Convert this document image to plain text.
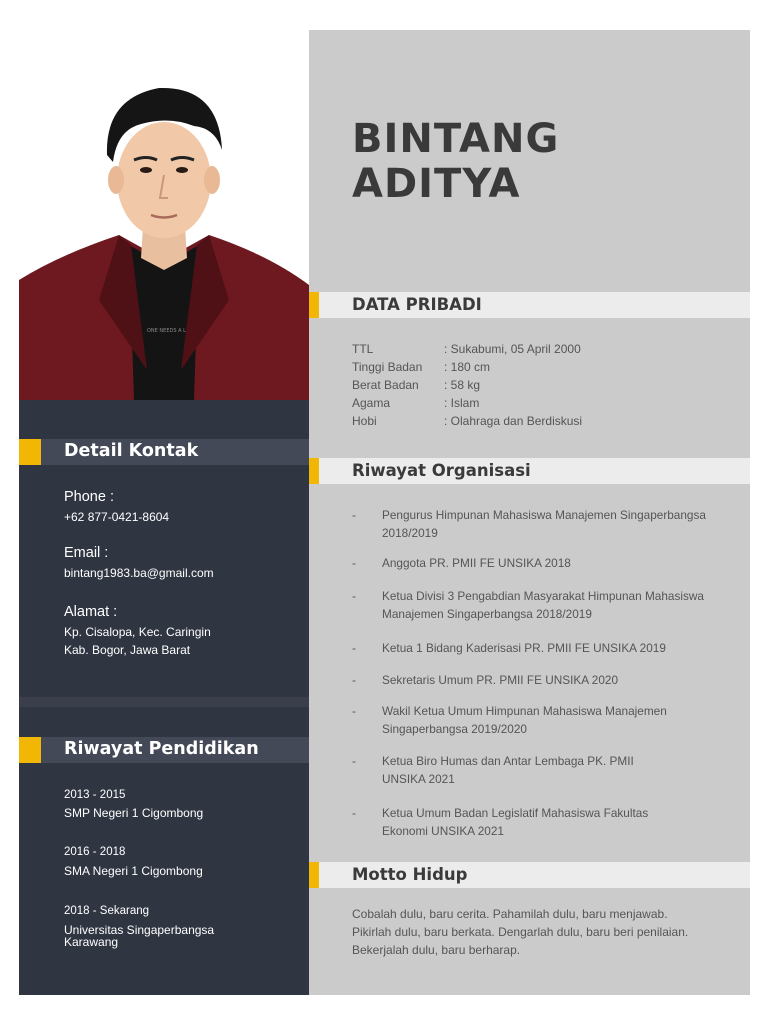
ONE NEEDS A L
Detail Kontak
Phone :
+62 877-0421-8604
Email :
bintang1983.ba@gmail.com
Alamat :
Kp. Cisalopa, Kec. Caringin
Kab. Bogor, Jawa Barat
Riwayat Pendidikan
2013 - 2015
SMP Negeri 1 Cigombong
2016 - 2018
SMA Negeri 1 Cigombong
2018 - Sekarang
Universitas Singaperbangsa Karawang
BINTANG
ADITYA
DATA PRIBADI
TTL	: Sukabumi, 05 April 2000
Tinggi Badan : 180 cm
Berat Badan : 58 kg
Agama	: Islam
Hobi	: Olahraga dan Berdiskusi
Riwayat Organisasi
-	Pengurus Himpunan Mahasiswa Manajemen Singaperbangsa 2018/2019
-	Anggota PR. PMII FE UNSIKA 2018
-	Ketua Divisi 3 Pengabdian Masyarakat Himpunan Mahasiswa Manajemen Singaperbangsa 2018/2019
-	Ketua 1 Bidang Kaderisasi PR. PMII FE UNSIKA 2019
-	Sekretaris Umum PR. PMII FE UNSIKA 2020
-	Wakil Ketua Umum Himpunan Mahasiswa Manajemen Singaperbangsa 2019/2020
-	Ketua Biro Humas dan Antar Lembaga PK. PMII UNSIKA 2021
-	Ketua Umum Badan Legislatif Mahasiswa Fakultas Ekonomi UNSIKA 2021
Motto Hidup
Cobalah dulu, baru cerita. Pahamilah dulu, baru menjawab. Pikirlah dulu, baru berkata. Dengarlah dulu, baru beri penilaian. Bekerjalah dulu, baru berharap.
